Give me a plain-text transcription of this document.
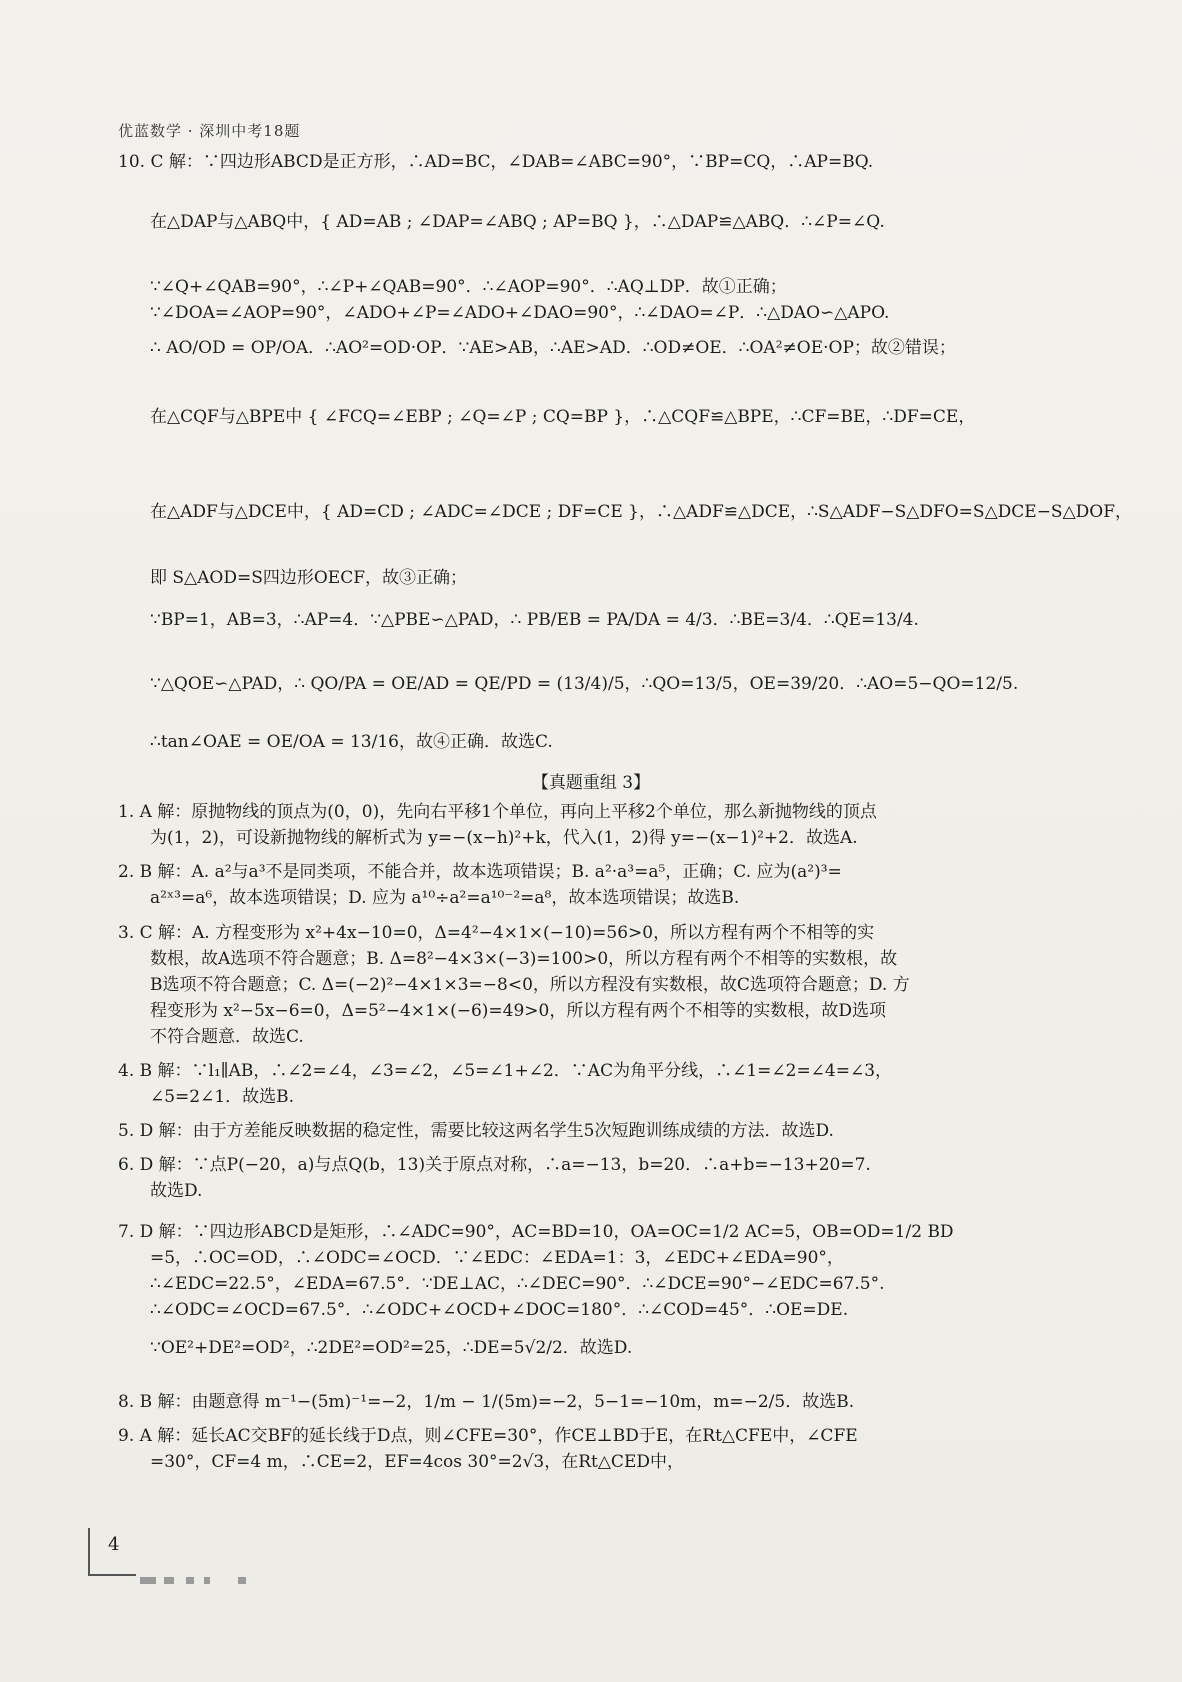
优蓝数学 · 深圳中考18题
10. C 解：∵四边形ABCD是正方形，∴AD=BC，∠DAB=∠ABC=90°，∵BP=CQ，∴AP=BQ.
在△DAP与△ABQ中，{ AD=AB ; ∠DAP=∠ABQ ; AP=BQ }，∴△DAP≌△ABQ．∴∠P=∠Q.
∵∠Q+∠QAB=90°，∴∠P+∠QAB=90°．∴∠AOP=90°．∴AQ⊥DP．故①正确；
∵∠DOA=∠AOP=90°，∠ADO+∠P=∠ADO+∠DAO=90°，∴∠DAO=∠P．∴△DAO∽△APO.
∴ AO/OD = OP/OA．∴AO²=OD·OP．∵AE>AB，∴AE>AD．∴OD≠OE．∴OA²≠OE·OP；故②错误；
在△CQF与△BPE中 { ∠FCQ=∠EBP ; ∠Q=∠P ; CQ=BP }，∴△CQF≌△BPE，∴CF=BE，∴DF=CE，
在△ADF与△DCE中，{ AD=CD ; ∠ADC=∠DCE ; DF=CE }，∴△ADF≌△DCE，∴S△ADF−S△DFO=S△DCE−S△DOF，
即 S△AOD=S四边形OECF，故③正确；
∵BP=1，AB=3，∴AP=4．∵△PBE∽△PAD，∴ PB/EB = PA/DA = 4/3．∴BE=3/4．∴QE=13/4.
∵△QOE∽△PAD，∴ QO/PA = OE/AD = QE/PD = (13/4)/5，∴QO=13/5，OE=39/20．∴AO=5−QO=12/5.
∴tan∠OAE = OE/OA = 13/16，故④正确．故选C.
1. A 解：原抛物线的顶点为(0，0)，先向右平移1个单位，再向上平移2个单位，那么新抛物线的顶点
为(1，2)，可设新抛物线的解析式为 y=−(x−h)²+k，代入(1，2)得 y=−(x−1)²+2．故选A.
2. B 解：A. a²与a³不是同类项，不能合并，故本选项错误；B. a²·a³=a⁵，正确；C. 应为(a²)³=
a²ˣ³=a⁶，故本选项错误；D. 应为 a¹⁰÷a²=a¹⁰⁻²=a⁸，故本选项错误；故选B.
3. C 解：A. 方程变形为 x²+4x−10=0，Δ=4²−4×1×(−10)=56>0，所以方程有两个不相等的实
数根，故A选项不符合题意；B. Δ=8²−4×3×(−3)=100>0，所以方程有两个不相等的实数根，故
B选项不符合题意；C. Δ=(−2)²−4×1×3=−8<0，所以方程没有实数根，故C选项符合题意；D. 方
程变形为 x²−5x−6=0，Δ=5²−4×1×(−6)=49>0，所以方程有两个不相等的实数根，故D选项
不符合题意．故选C.
4. B 解：∵l₁∥AB，∴∠2=∠4，∠3=∠2，∠5=∠1+∠2．∵AC为角平分线，∴∠1=∠2=∠4=∠3，
∠5=2∠1．故选B.
5. D 解：由于方差能反映数据的稳定性，需要比较这两名学生5次短跑训练成绩的方法．故选D.
6. D 解：∵点P(−20，a)与点Q(b，13)关于原点对称，∴a=−13，b=20．∴a+b=−13+20=7.
故选D.
7. D 解：∵四边形ABCD是矩形，∴∠ADC=90°，AC=BD=10，OA=OC=1/2 AC=5，OB=OD=1/2 BD
=5，∴OC=OD，∴∠ODC=∠OCD．∵∠EDC：∠EDA=1：3，∠EDC+∠EDA=90°，
∴∠EDC=22.5°，∠EDA=67.5°．∵DE⊥AC，∴∠DEC=90°．∴∠DCE=90°−∠EDC=67.5°.
∴∠ODC=∠OCD=67.5°．∴∠ODC+∠OCD+∠DOC=180°．∴∠COD=45°．∴OE=DE.
∵OE²+DE²=OD²，∴2DE²=OD²=25，∴DE=5√2/2．故选D.
8. B 解：由题意得 m⁻¹−(5m)⁻¹=−2，1/m − 1/(5m)=−2，5−1=−10m，m=−2/5．故选B.
9. A 解：延长AC交BF的延长线于D点，则∠CFE=30°，作CE⊥BD于E，在Rt△CFE中，∠CFE
=30°，CF=4 m，∴CE=2，EF=4cos 30°=2√3，在Rt△CED中，
【真题重组 3】
4
